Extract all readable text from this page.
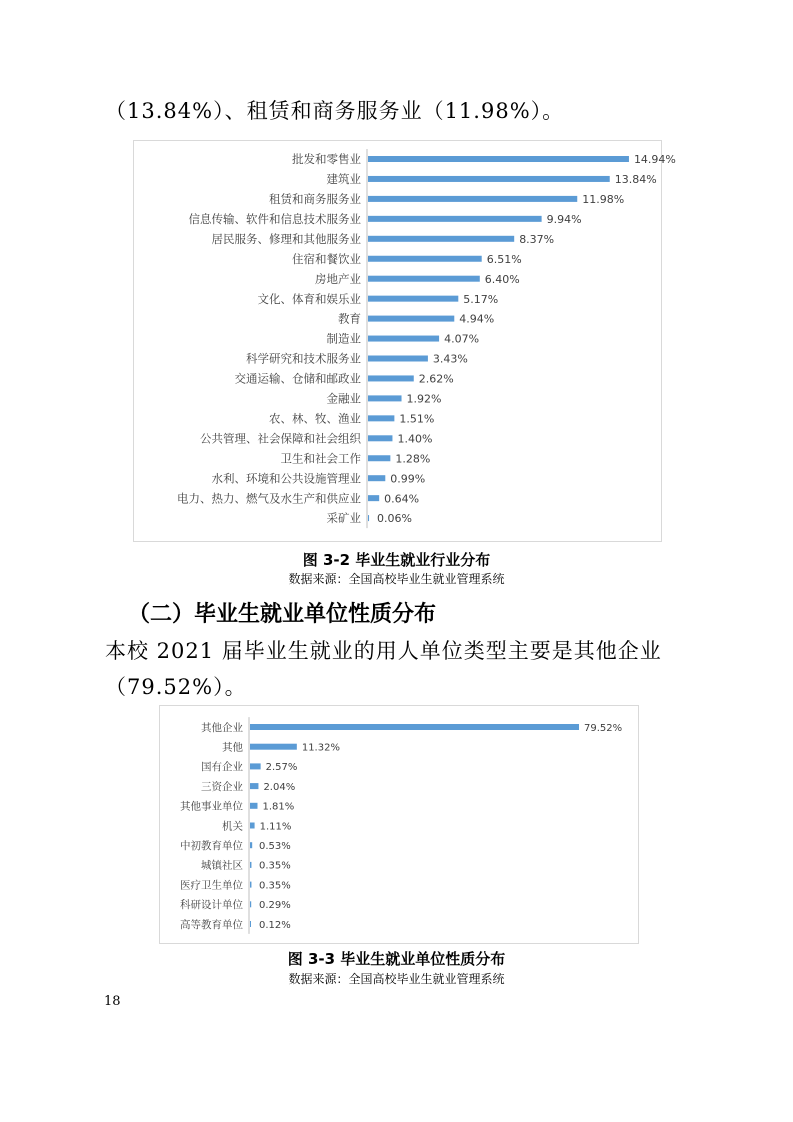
（13.84%）、租赁和商务服务业（11.98%）。

批发和零售业	14.94%
建筑业	13.84%
租赁和商务服务业	11.98%
信息传输、软件和信息技术服务业	9.94%
居民服务、修理和其他服务业	8.37%
住宿和餐饮业	6.51%
房地产业	6.40%
文化、体育和娱乐业	5.17%
教育	4.94%
制造业	4.07%
科学研究和技术服务业	3.43%
交通运输、仓储和邮政业	2.62%
金融业	1.92%
农、林、牧、渔业	1.51%
公共管理、社会保障和社会组织	1.40%
卫生和社会工作	1.28%
水利、环境和公共设施管理业	0.99%
电力、热力、燃气及水生产和供应业 0.64%
采矿业 0.06%

图 3-2 毕业生就业行业分布

数据来源：全国高校毕业生就业管理系统

（二）毕业生就业单位性质分布

本校 2021 届毕业生就业的用人单位类型主要是其他企业

（79.52%）。

其他企业	79.52%
其他	11.32%
国有企业 2.57%
三资企业 2.04%
其他事业单位 1.81%
机关 1.11%
中初教育单位 0.53%
城镇社区 0.35%
医疗卫生单位 0.35%
科研设计单位 0.29%
高等教育单位 0.12%

图 3-3 毕业生就业单位性质分布

数据来源：全国高校毕业生就业管理系统

18
